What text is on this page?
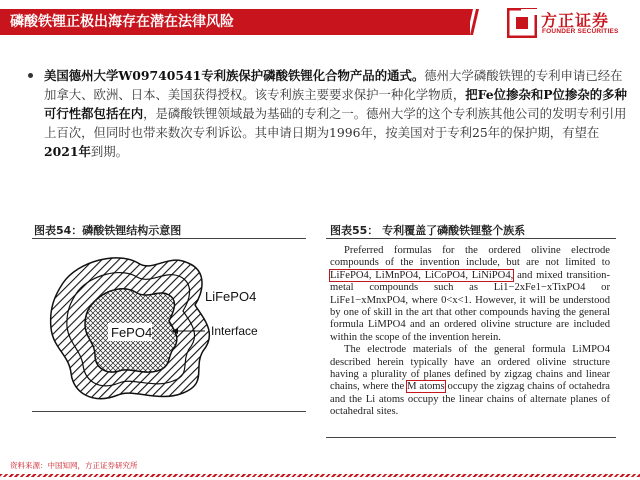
磷酸铁锂正极出海存在潜在法律风险	方正证券
FOUNDER SECURITIES
美国德州大学W09740541专利族保护磷酸铁锂化合物产品的通式。德州大学磷酸铁锂的专利申请已经在加拿大、欧洲、日本、美国获得授权。该专利族主要要求保护一种化学物质，把Fe位掺杂和P位掺杂的多种可行性都包括在内，是磷酸铁锂领域最为基础的专利之一。德州大学的这个专利族其他公司的发明专利引用上百次，但同时也带来数次专利诉讼。其申请日期为1996年，按美国对于专利25年的保护期，有望在2021年到期。
图表54：磷酸铁锂结构示意图
FePO4
LiFePO4
Interface
图表55： 专利覆盖了磷酸铁锂整个族系

Preferred formulas for the ordered olivine electrode compounds of the invention include, but are not limited to LiFePO4, LiMnPO4, LiCoPO4, LiNiPO4, and mixed transition-metal compounds such as Li1−2xFe1−xTixPO4 or LiFe1−xMnxPO4, where 0<x<1. However, it will be understood by one of skill in the art that other compounds having the general formula LiMPO4 and an ordered olivine structure are included within the scope of the invention herein.

The electrode materials of the general formula LiMPO4 described herein typically have an ordered olivine structure having a plurality of planes defined by zigzag chains and linear chains, where the M atoms occupy the zigzag chains of octahedra and the Li atoms occupy the linear chains of alternate planes of octahedral sites.

资料来源：中国知网，方正证券研究所
